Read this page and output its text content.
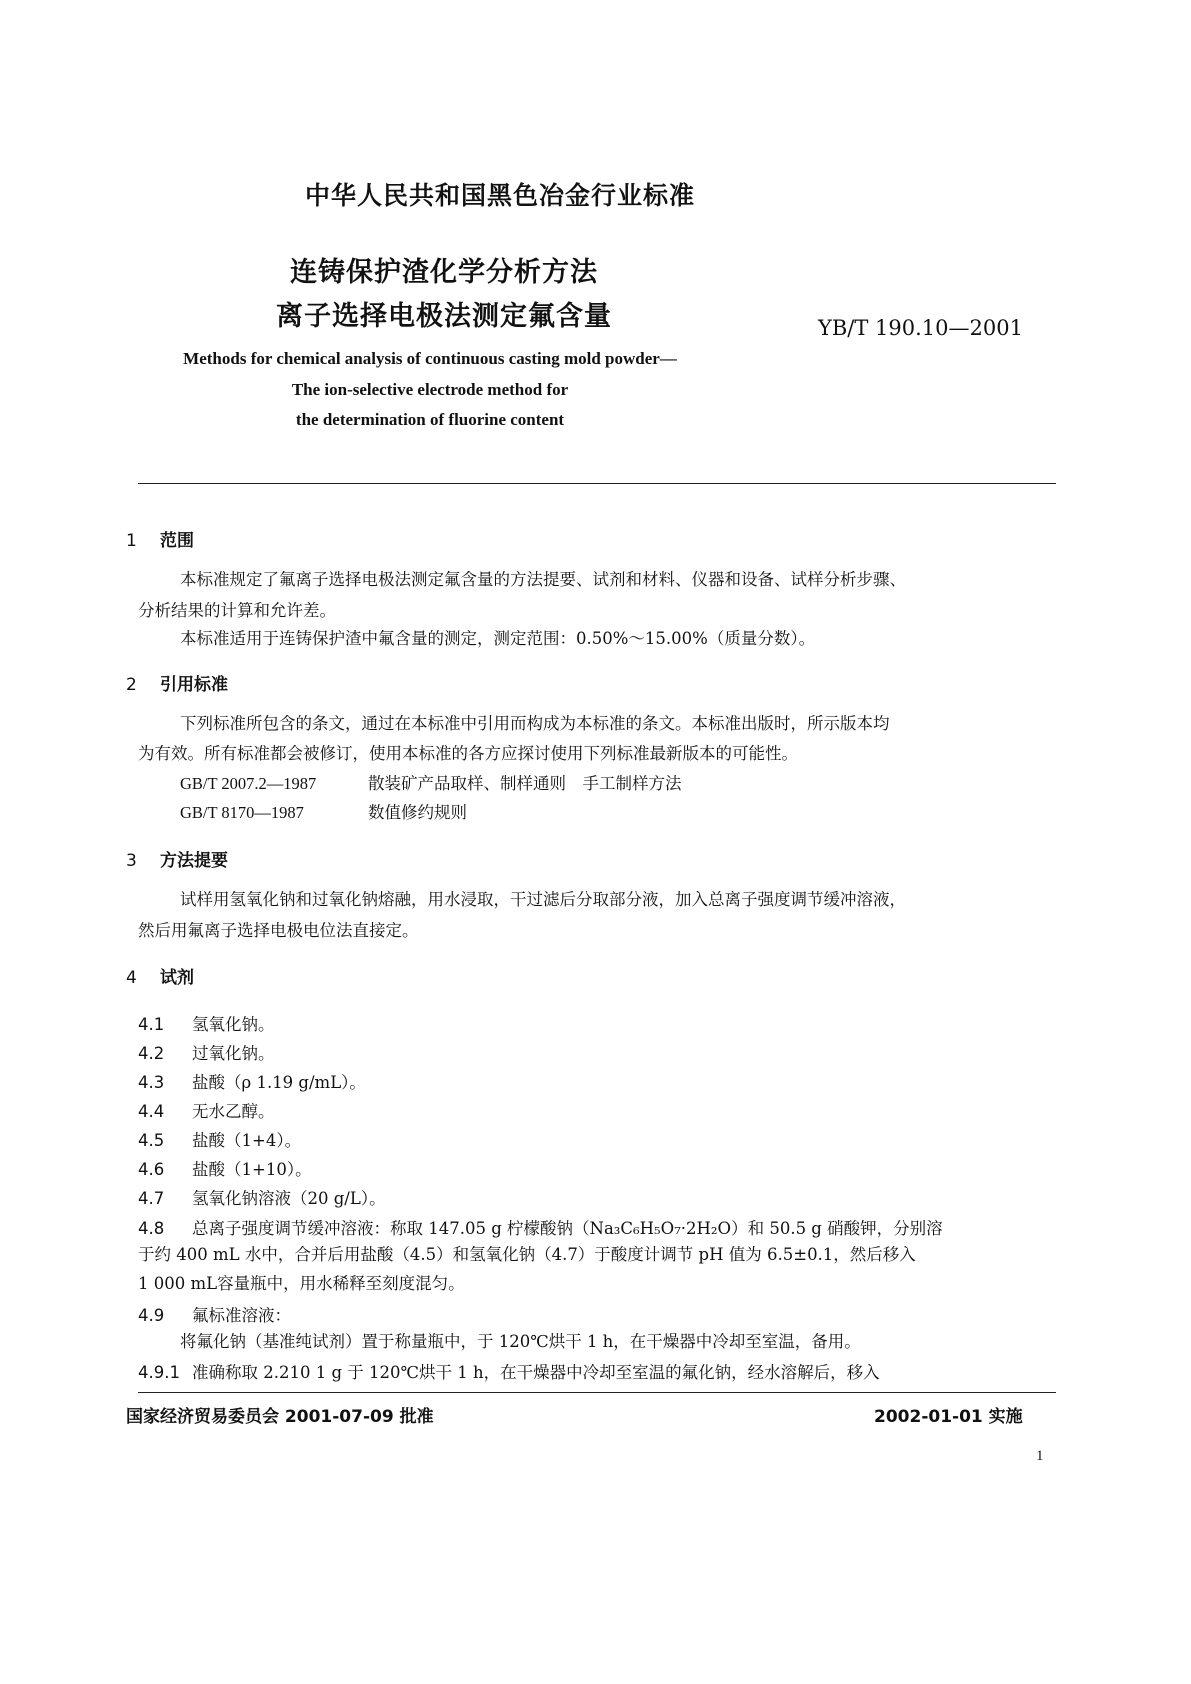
中华人民共和国黑色冶金行业标准
连铸保护渣化学分析方法
离子选择电极法测定氟含量	YB/T 190.10—2001
Methods for chemical analysis of continuous casting mold powder—
The ion-selective electrode method for
the determination of fluorine content
1 范围
本标准规定了氟离子选择电极法测定氟含量的方法提要、试剂和材料、仪器和设备、试样分析步骤、
分析结果的计算和允许差。
本标准适用于连铸保护渣中氟含量的测定，测定范围：0.50%～15.00%（质量分数）。
2 引用标准
下列标准所包含的条文，通过在本标准中引用而构成为本标准的条文。本标准出版时，所示版本均
为有效。所有标准都会被修订，使用本标准的各方应探讨使用下列标准最新版本的可能性。
GB/T 2007.2—1987	散装矿产品取样、制样通则　手工制样方法
GB/T 8170—1987	数值修约规则
3 方法提要
试样用氢氧化钠和过氧化钠熔融，用水浸取，干过滤后分取部分液，加入总离子强度调节缓冲溶液，
然后用氟离子选择电极电位法直接定。
4 试剂
4.1 氢氧化钠。
4.2 过氧化钠。
4.3 盐酸（ρ 1.19 g/mL）。
4.4 无水乙醇。
4.5 盐酸（1+4）。
4.6 盐酸（1+10）。
4.7 氢氧化钠溶液（20 g/L）。
4.8 总离子强度调节缓冲溶液：称取 147.05 g 柠檬酸钠（Na₃C₆H₅O₇·2H₂O）和 50.5 g 硝酸钾，分别溶
于约 400 mL 水中，合并后用盐酸（4.5）和氢氧化钠（4.7）于酸度计调节 pH 值为 6.5±0.1，然后移入
1 000 mL容量瓶中，用水稀释至刻度混匀。
4.9 氟标准溶液：
将氟化钠（基准纯试剂）置于称量瓶中，于 120℃烘干 1 h，在干燥器中冷却至室温，备用。
4.9.1 准确称取 2.210 1 g 于 120℃烘干 1 h，在干燥器中冷却至室温的氟化钠，经水溶解后，移入
国家经济贸易委员会 2001-07-09 批准	2002-01-01 实施
1
